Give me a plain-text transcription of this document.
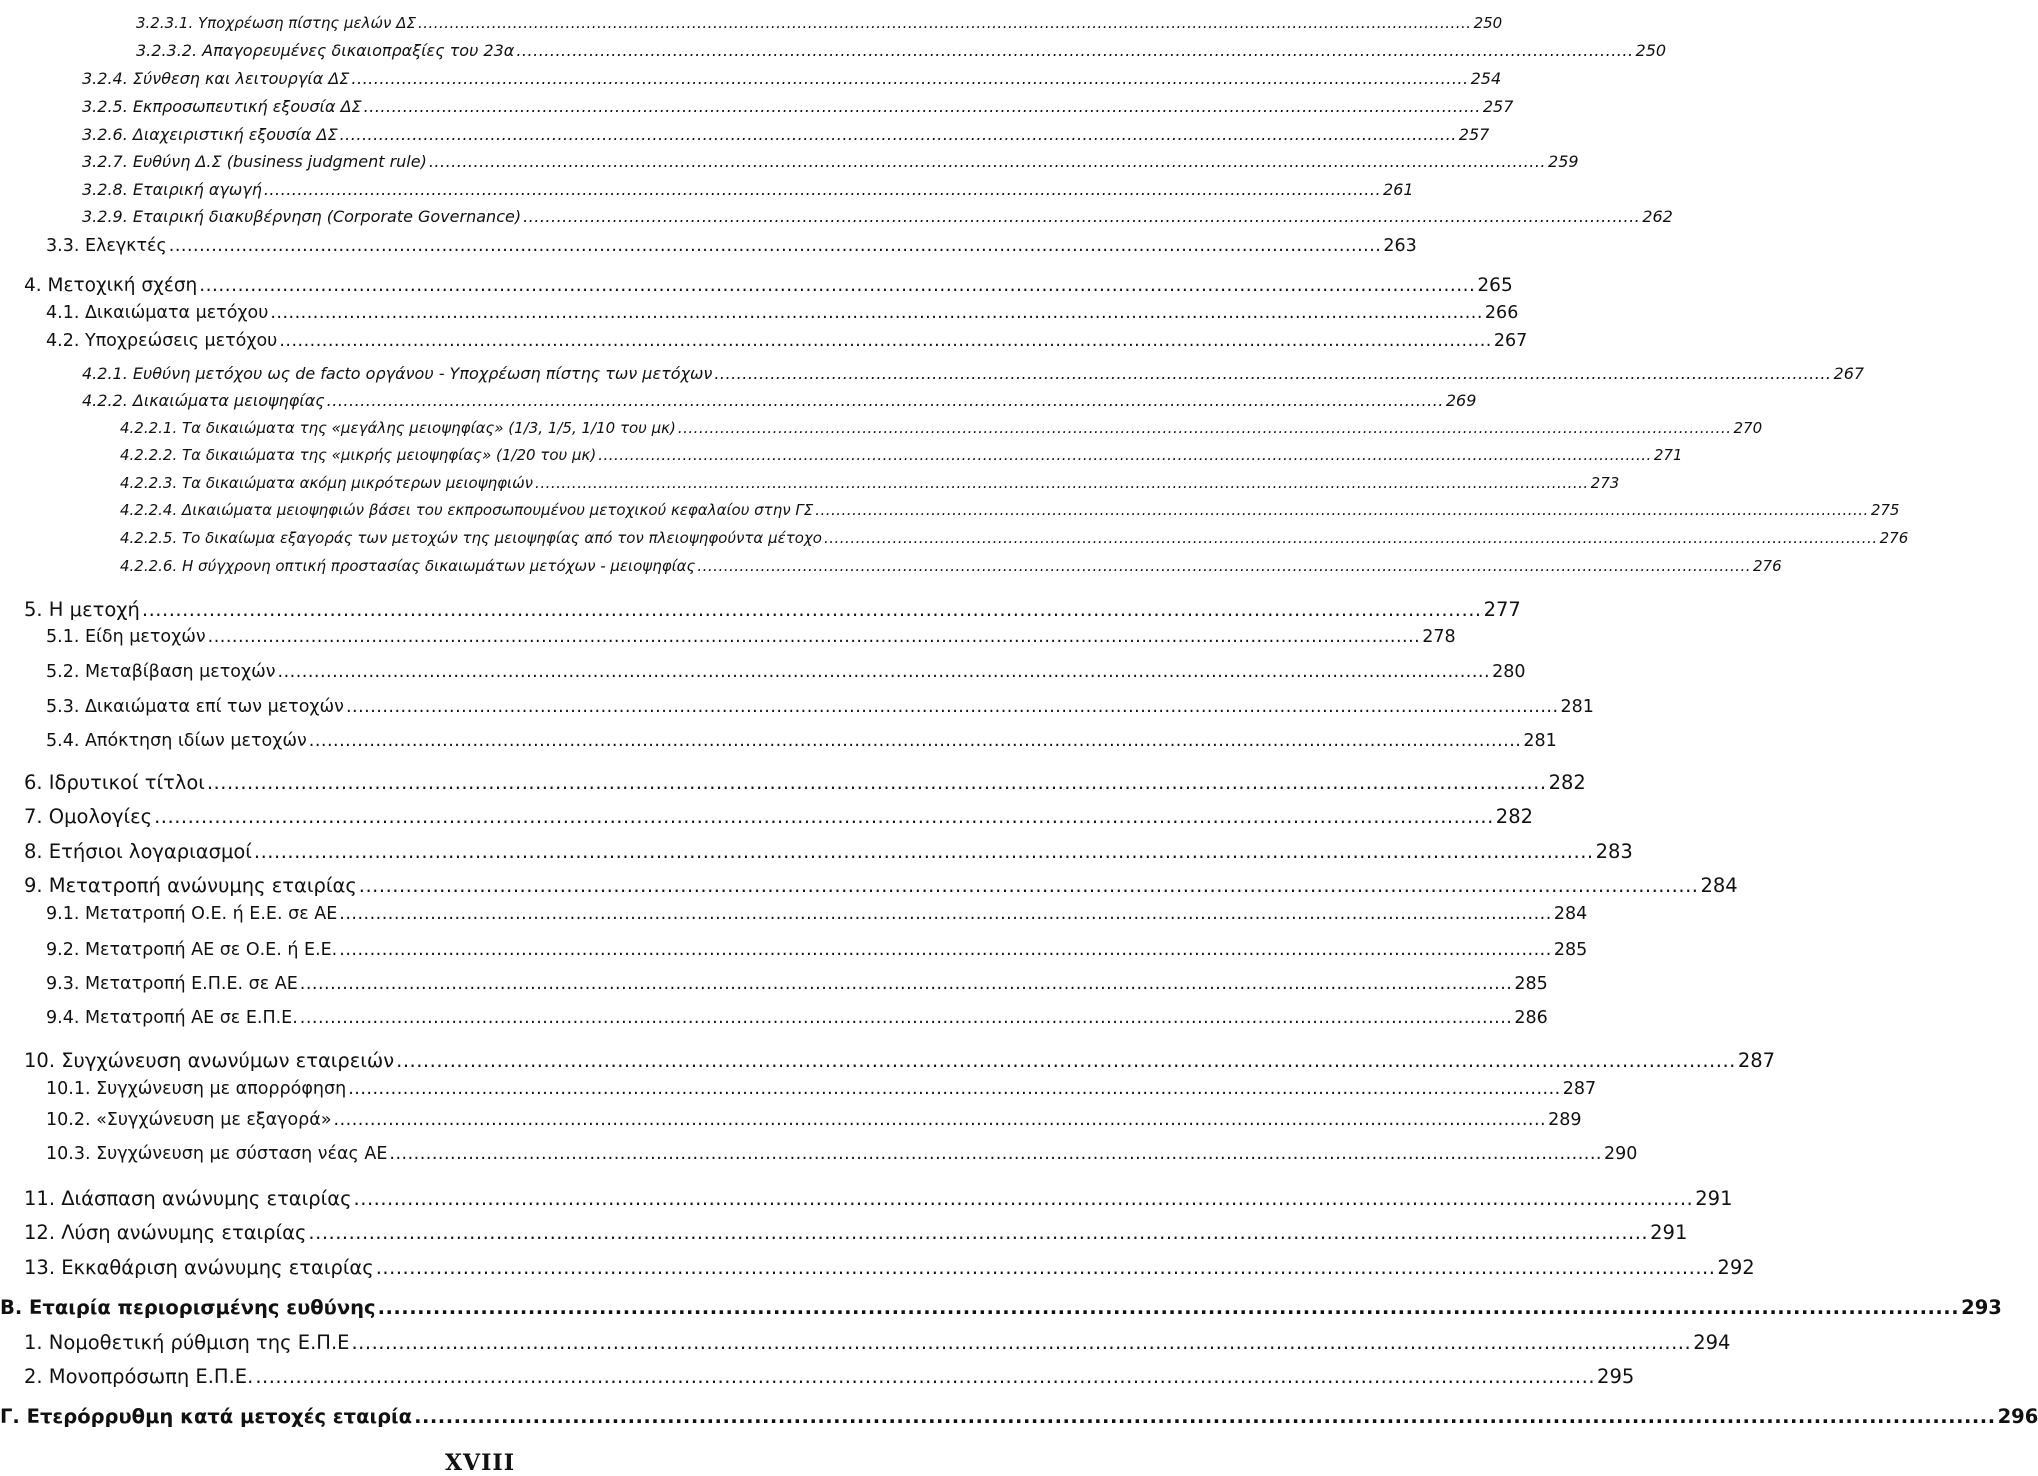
3.2.3.1. Υποχρέωση πίστης μελών ΔΣ ........................................................................................................................................................................................................ 250
3.2.3.2. Απαγορευμένες δικαιοπραξίες του 23α ........................................................................................................................................................................................................ 250
3.2.4. Σύνθεση και λειτουργία ΔΣ ........................................................................................................................................................................................................ 254
3.2.5. Εκπροσωπευτική εξουσία ΔΣ ........................................................................................................................................................................................................ 257
3.2.6. Διαχειριστική εξουσία ΔΣ ........................................................................................................................................................................................................ 257
3.2.7. Ευθύνη Δ.Σ (business judgment rule) ........................................................................................................................................................................................................ 259
3.2.8. Εταιρική αγωγή ........................................................................................................................................................................................................ 261
3.2.9. Εταιρική διακυβέρνηση (Corporate Governance) ........................................................................................................................................................................................................ 262
3.3. Ελεγκτές ........................................................................................................................................................................................................ 263
4. Μετοχική σχέση ........................................................................................................................................................................................................ 265
4.1. Δικαιώματα μετόχου ........................................................................................................................................................................................................ 266
4.2. Υποχρεώσεις μετόχου ........................................................................................................................................................................................................ 267
4.2.1. Ευθύνη μετόχου ως de facto οργάνου - Υποχρέωση πίστης των μετόχων ........................................................................................................................................................................................................ 267
4.2.2. Δικαιώματα μειοψηφίας ........................................................................................................................................................................................................ 269
4.2.2.1. Τα δικαιώματα της «μεγάλης μειοψηφίας» (1/3, 1/5, 1/10 του μκ) ........................................................................................................................................................................................................ 270
4.2.2.2. Τα δικαιώματα της «μικρής μειοψηφίας» (1/20 του μκ) ........................................................................................................................................................................................................ 271
4.2.2.3. Τα δικαιώματα ακόμη μικρότερων μειοψηφιών ........................................................................................................................................................................................................ 273
4.2.2.4. Δικαιώματα μειοψηφιών βάσει του εκπροσωπουμένου μετοχικού κεφαλαίου στην ΓΣ ........................................................................................................................................................................................................ 275
4.2.2.5. Το δικαίωμα εξαγοράς των μετοχών της μειοψηφίας από τον πλειοψηφούντα μέτοχο ........................................................................................................................................................................................................ 276
4.2.2.6. Η σύγχρονη οπτική προστασίας δικαιωμάτων μετόχων - μειοψηφίας ........................................................................................................................................................................................................ 276
5. Η μετοχή ........................................................................................................................................................................................................ 277
5.1. Είδη μετοχών ........................................................................................................................................................................................................ 278
5.2. Μεταβίβαση μετοχών ........................................................................................................................................................................................................ 280
5.3. Δικαιώματα επί των μετοχών ........................................................................................................................................................................................................ 281
5.4. Απόκτηση ιδίων μετοχών ........................................................................................................................................................................................................ 281
6. Ιδρυτικοί τίτλοι ........................................................................................................................................................................................................ 282
7. Ομολογίες ........................................................................................................................................................................................................ 282
8. Ετήσιοι λογαριασμοί ........................................................................................................................................................................................................ 283
9. Μετατροπή ανώνυμης εταιρίας ........................................................................................................................................................................................................ 284
9.1. Μετατροπή Ο.Ε. ή Ε.Ε. σε ΑΕ ........................................................................................................................................................................................................ 284
9.2. Μετατροπή ΑΕ σε Ο.Ε. ή Ε.Ε. ........................................................................................................................................................................................................ 285
9.3. Μετατροπή Ε.Π.Ε. σε ΑΕ ........................................................................................................................................................................................................ 285
9.4. Μετατροπή ΑΕ σε Ε.Π.Ε. ........................................................................................................................................................................................................ 286
10. Συγχώνευση ανωνύμων εταιρειών ........................................................................................................................................................................................................ 287
10.1. Συγχώνευση με απορρόφηση ........................................................................................................................................................................................................ 287
10.2. «Συγχώνευση με εξαγορά» ........................................................................................................................................................................................................ 289
10.3. Συγχώνευση με σύσταση νέας ΑΕ ........................................................................................................................................................................................................ 290
11. Διάσπαση ανώνυμης εταιρίας ........................................................................................................................................................................................................ 291
12. Λύση ανώνυμης εταιρίας ........................................................................................................................................................................................................ 291
13. Εκκαθάριση ανώνυμης εταιρίας ........................................................................................................................................................................................................ 292
Β. Εταιρία περιορισμένης ευθύνης ........................................................................................................................................................................................................ 293
1. Νομοθετική ρύθμιση της Ε.Π.Ε ........................................................................................................................................................................................................ 294
2. Μονοπρόσωπη Ε.Π.Ε. ........................................................................................................................................................................................................ 295
Γ. Ετερόρρυθμη κατά μετοχές εταιρία ........................................................................................................................................................................................................ 296
XVIII
